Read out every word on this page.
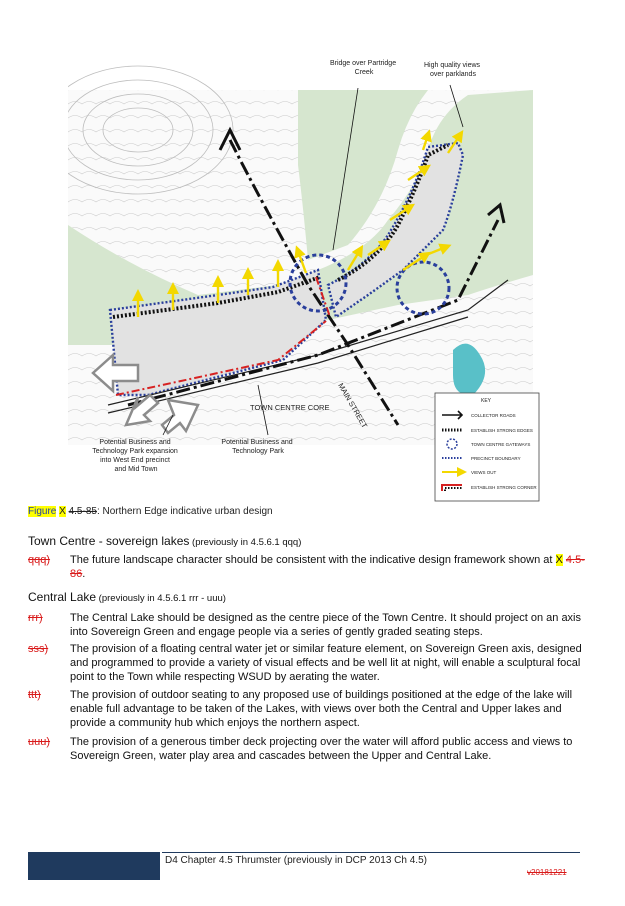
Bridge over Partridge Creek
High quality views over parklands
TOWN CENTRE CORE MAIN STREET
Potential Business and Technology Park expansion into West End precinct and Mid Town
Potential Business and Technology Park
KEY
COLLECTOR ROADS
ESTABLISH STRONG EDGES
TOWN CENTRE GATEWAYS
PRECINCT BOUNDARY
VIEWS OUT
ESTABLISH STRONG CORNER
Figure X 4.5-85: Northern Edge indicative urban design
Town Centre - sovereign lakes (previously in 4.5.6.1 qqq)
qqq)	The future landscape character should be consistent with the indicative design framework shown at X 4.5-86.
Central Lake (previously in 4.5.6.1 rrr - uuu)
rrr)	The Central Lake should be designed as the centre piece of the Town Centre. It should project on an axis into Sovereign Green and engage people via a series of gently graded seating steps.
sss)	The provision of a floating central water jet or similar feature element, on Sovereign Green axis, designed and programmed to provide a variety of visual effects and be well lit at night, will enable a sculptural focal point to the Town while respecting WSUD by aerating the water.
ttt)	The provision of outdoor seating to any proposed use of buildings positioned at the edge of the lake will enable full advantage to be taken of the Lakes, with views over both the Central and Upper lakes and provide a community hub which enjoys the northern aspect.
uuu)	The provision of a generous timber deck projecting over the water will afford public access and views to Sovereign Green, water play area and cascades between the Upper and Central Lake.
D4 Chapter 4.5 Thrumster (previously in DCP 2013 Ch 4.5)
v20181221
